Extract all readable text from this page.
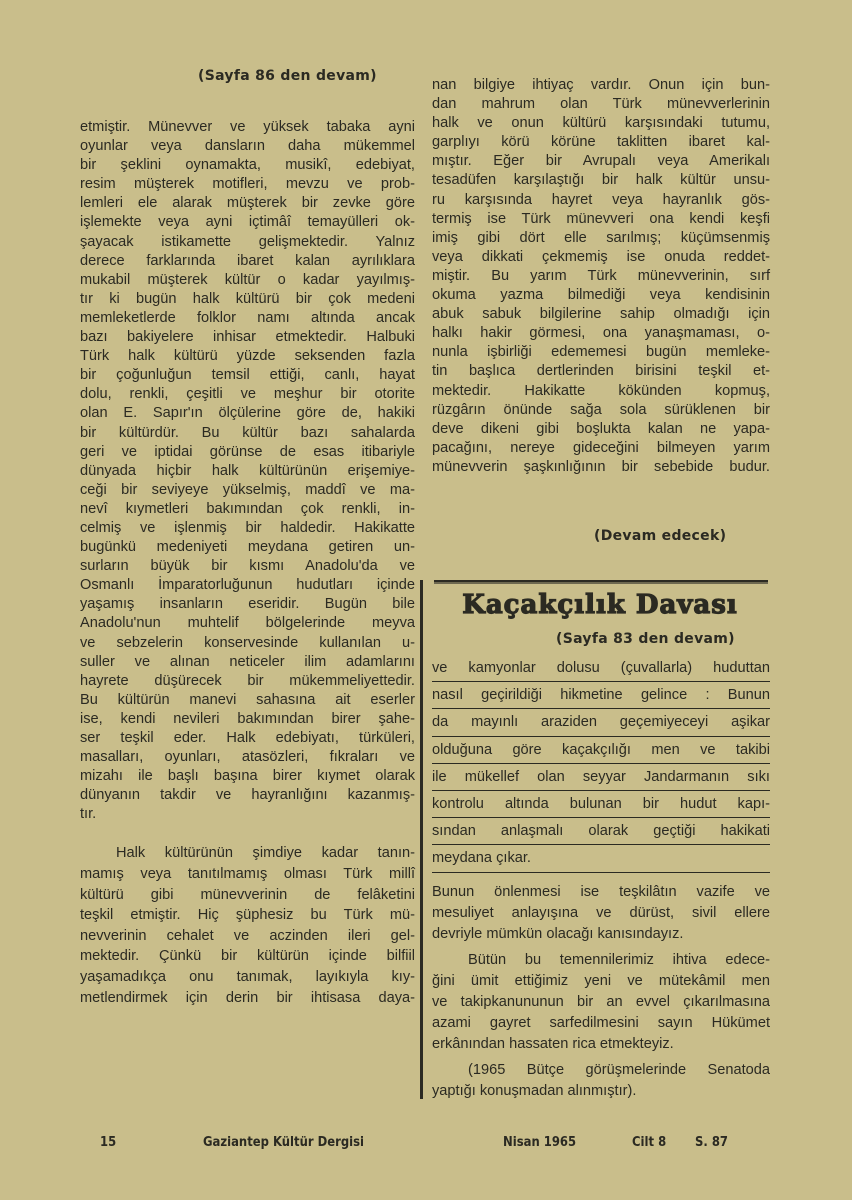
(Sayfa 86 den devam)
etmiştir. Münevver ve yüksek tabaka ayni
oyunlar veya dansların daha mükemmel
bir şeklini oynamakta, musikî, edebiyat,
resim müşterek motifleri, mevzu ve prob-
lemleri ele alarak müşterek bir zevke göre
işlemekte veya ayni içtimâî temayülleri ok-
şayacak istikamette gelişmektedir. Yalnız
derece farklarında ibaret kalan ayrılıklara
mukabil müşterek kültür o kadar yayılmış-
tır ki bugün halk kültürü bir çok medeni
memleketlerde folklor namı altında ancak
bazı bakiyelere inhisar etmektedir. Halbuki
Türk halk kültürü yüzde seksenden fazla
bir çoğunluğun temsil ettiği, canlı, hayat
dolu, renkli, çeşitli ve meşhur bir otorite
olan E. Sapır'ın ölçülerine göre de, hakiki
bir kültürdür. Bu kültür bazı sahalarda
geri ve iptidai görünse de esas itibariyle
dünyada hiçbir halk kültürünün erişemiye-
ceği bir seviyeye yükselmiş, maddî ve ma-
nevî kıymetleri bakımından çok renkli, in-
celmiş ve işlenmiş bir haldedir. Hakikatte
bugünkü medeniyeti meydana getiren un-
surların büyük bir kısmı Anadolu'da ve
Osmanlı İmparatorluğunun hudutları içinde
yaşamış insanların eseridir. Bugün bile
Anadolu'nun muhtelif bölgelerinde meyva
ve sebzelerin konservesinde kullanılan u-
suller ve alınan neticeler ilim adamlarını
hayrete düşürecek bir mükemmeliyettedir.
Bu kültürün manevi sahasına ait eserler
ise, kendi nevileri bakımından birer şahe-
ser teşkil eder. Halk edebiyatı, türküleri,
masalları, oyunları, atasözleri, fıkraları ve
mizahı ile başlı başına birer kıymet olarak
dünyanın takdir ve hayranlığını kazanmış-
tır.
Halk kültürünün şimdiye kadar tanın-
mamış veya tanıtılmamış olması Türk millî
kültürü gibi münevverinin de felâketini
teşkil etmiştir. Hiç şüphesiz bu Türk mü-
nevverinin cehalet ve aczinden ileri gel-
mektedir. Çünkü bir kültürün içinde bilfiil
yaşamadıkça onu tanımak, layıkıyla kıy-
metlendirmek için derin bir ihtisasa daya-
nan bilgiye ihtiyaç vardır. Onun için bun-
dan mahrum olan Türk münevverlerinin
halk ve onun kültürü karşısındaki tutumu,
garplıyı körü körüne taklitten ibaret kal-
mıştır. Eğer bir Avrupalı veya Amerikalı
tesadüfen karşılaştığı bir halk kültür unsu-
ru karşısında hayret veya hayranlık gös-
termiş ise Türk münevveri ona kendi keşfi
imiş gibi dört elle sarılmış; küçümsenmiş
veya dikkati çekmemiş ise onuda reddet-
miştir. Bu yarım Türk münevverinin, sırf
okuma yazma bilmediği veya kendisinin
abuk sabuk bilgilerine sahip olmadığı için
halkı hakir görmesi, ona yanaşmaması, o-
nunla işbirliği edememesi bugün memleke-
tin başlıca dertlerinden birisini teşkil et-
mektedir. Hakikatte kökünden kopmuş,
rüzgârın önünde sağa sola sürüklenen bir
deve dikeni gibi boşlukta kalan ne yapa-
pacağını, nereye gideceğini bilmeyen yarım
münevverin şaşkınlığının bir sebebide budur.
(Devam edecek)
Kaçakçılık Davası
(Sayfa 83 den devam)
ve kamyonlar dolusu (çuvallarla) huduttan
nasıl geçirildiği hikmetine gelince : Bunun
da mayınlı araziden geçemiyeceyi aşikar
olduğuna göre kaçakçılığı men ve takibi
ile mükellef olan seyyar Jandarmanın sıkı
kontrolu altında bulunan bir hudut kapı-
sından anlaşmalı olarak geçtiği hakikati
meydana çıkar.
Bunun önlenmesi ise teşkilâtın vazife ve
mesuliyet anlayışına ve dürüst, sivil ellere
devriyle mümkün olacağı kanısındayız.
Bütün bu temennilerimiz ihtiva edece-
ğini ümit ettiğimiz yeni ve mütekâmil men
ve takipkanununun bir an evvel çıkarılmasına
azami gayret sarfedilmesini sayın Hükümet
erkânından hassaten rica etmekteyiz.
(1965 Bütçe görüşmelerinde Senatoda
yaptığı konuşmadan alınmıştır).
15	Gaziantep Kültür Dergisi	Nisan 1965	Cilt 8 S. 87
